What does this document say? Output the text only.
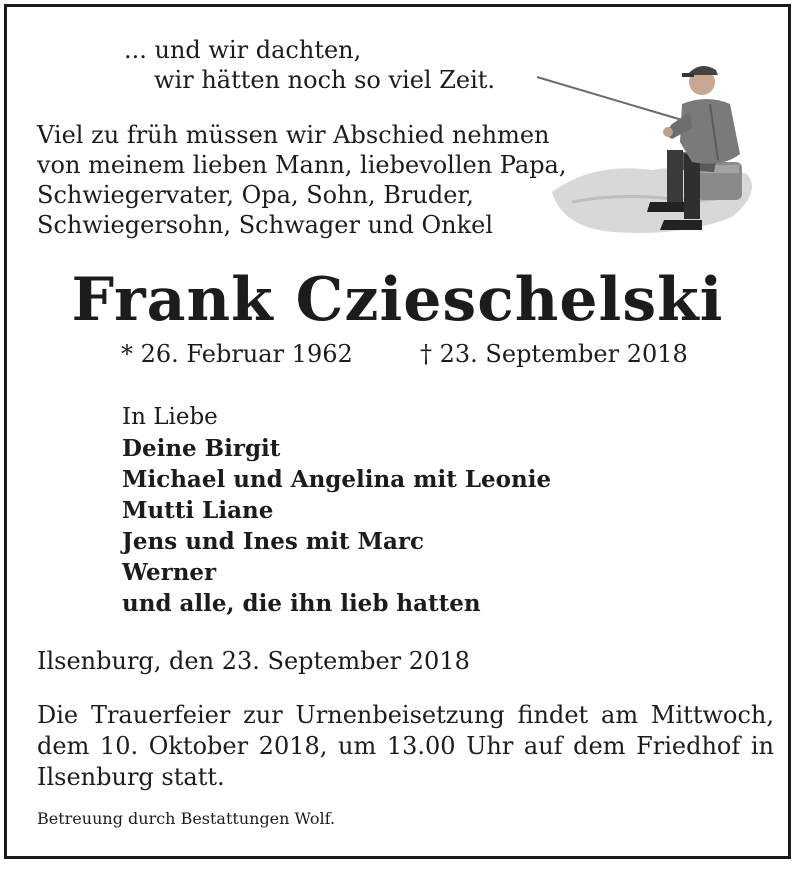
... und wir dachten,
wir hätten noch so viel Zeit.
Viel zu früh müssen wir Abschied nehmen
von meinem lieben Mann, liebevollen Papa,
Schwiegervater, Opa, Sohn, Bruder,
Schwiegersohn, Schwager und Onkel
Frank Czieschelski
* 26. Februar 1962	† 23. September 2018
In Liebe
Deine Birgit
Michael und Angelina mit Leonie
Mutti Liane
Jens und Ines mit Marc
Werner
und alle, die ihn lieb hatten
Ilsenburg, den 23. September 2018
Die Trauerfeier zur Urnenbeisetzung findet am Mittwoch, dem 10. Oktober 2018, um 13.00 Uhr auf dem Friedhof in Ilsenburg statt.
Betreuung durch Bestattungen Wolf.
